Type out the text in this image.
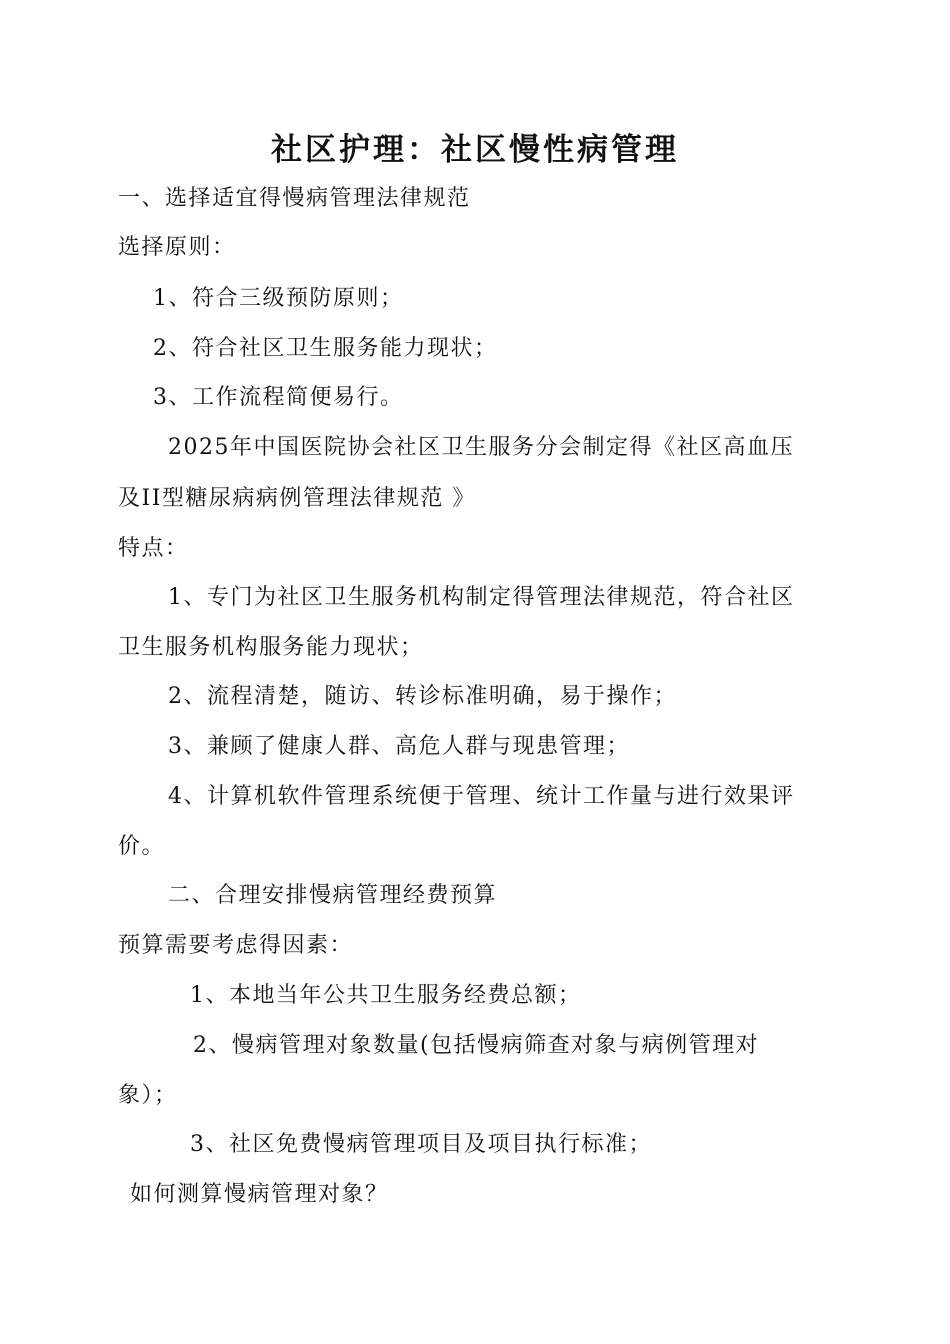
社区护理：社区慢性病管理
一、选择适宜得慢病管理法律规范
选择原则：
1、符合三级预防原则；
2、符合社区卫生服务能力现状；
3、工作流程简便易行。
2025年中国医院协会社区卫生服务分会制定得《社区高血压
及II型糖尿病病例管理法律规范 》
特点：
1、专门为社区卫生服务机构制定得管理法律规范，符合社区
卫生服务机构服务能力现状；
2、流程清楚，随访、转诊标准明确，易于操作；
3、兼顾了健康人群、高危人群与现患管理；
4、计算机软件管理系统便于管理、统计工作量与进行效果评
价。
二、合理安排慢病管理经费预算
预算需要考虑得因素：
1、本地当年公共卫生服务经费总额；
2、慢病管理对象数量(包括慢病筛查对象与病例管理对
象）；
3、社区免费慢病管理项目及项目执行标准；
如何测算慢病管理对象？
